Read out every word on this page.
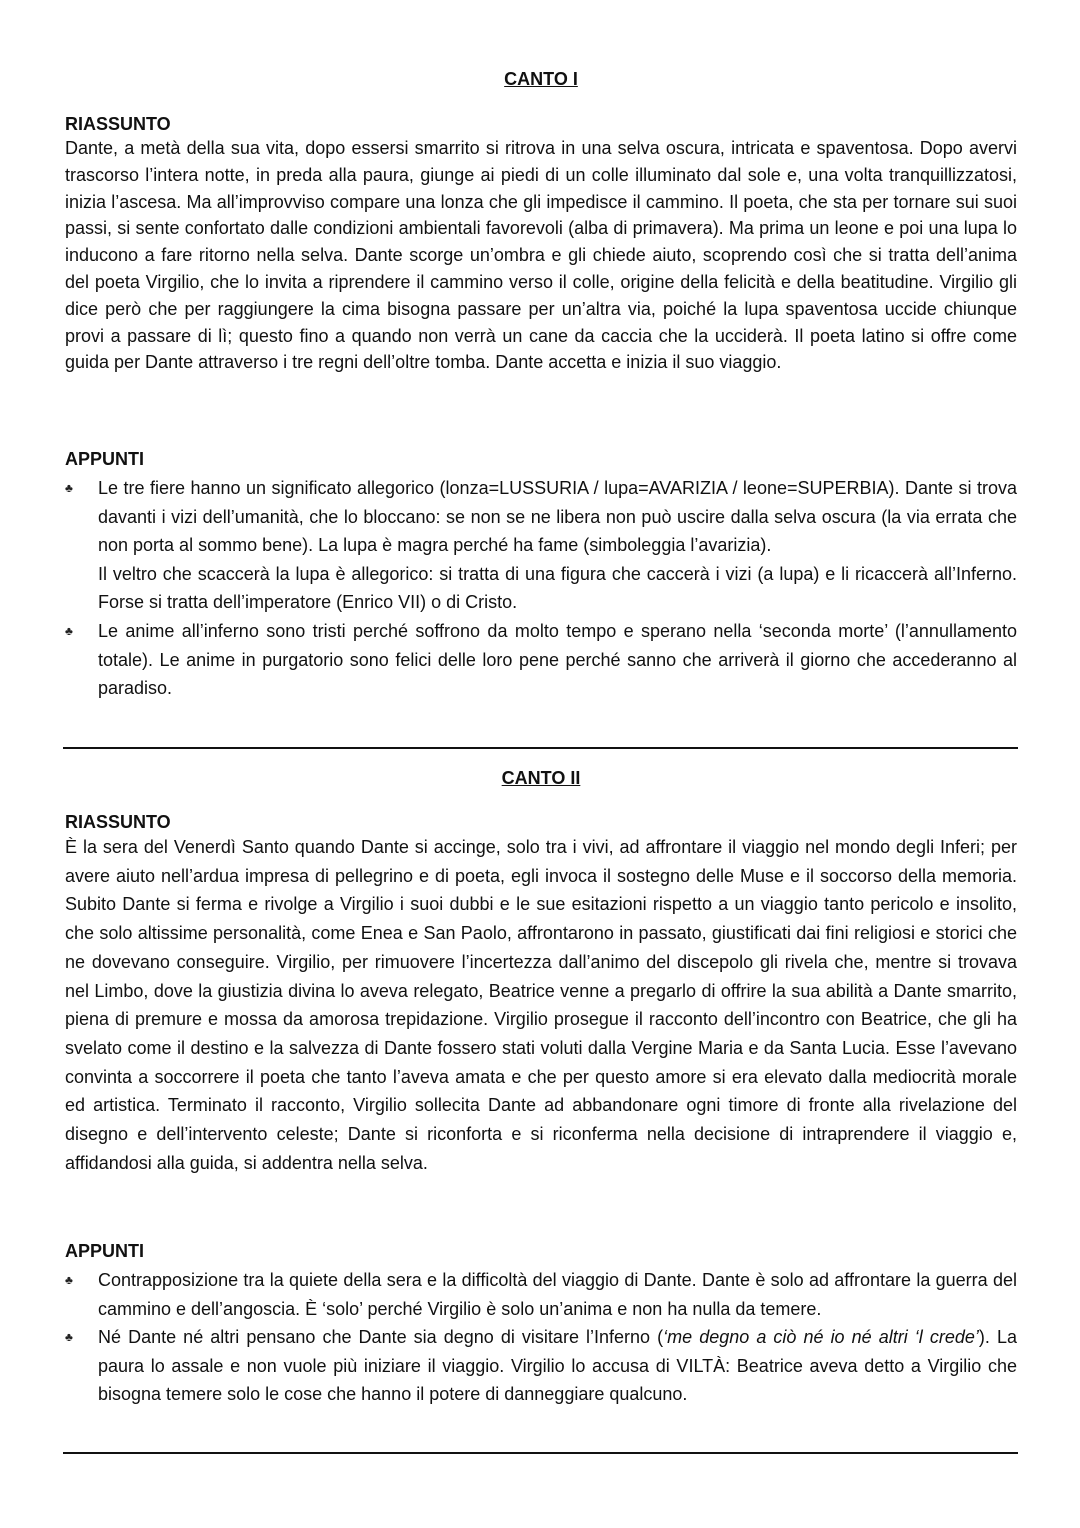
CANTO I

RIASSUNTO

Dante, a metà della sua vita, dopo essersi smarrito si ritrova in una selva oscura, intricata e spaventosa. Dopo avervi trascorso l’intera notte, in preda alla paura, giunge ai piedi di un colle illuminato dal sole e, una volta tranquillizzatosi, inizia l’ascesa. Ma all’improvviso compare una lonza che gli impedisce il cammino. Il poeta, che sta per tornare sui suoi passi, si sente confortato dalle condizioni ambientali favorevoli (alba di primavera). Ma prima un leone e poi una lupa lo inducono a fare ritorno nella selva. Dante scorge un’ombra e gli chiede aiuto, scoprendo così che si tratta dell’anima del poeta Virgilio, che lo invita a riprendere il cammino verso il colle, origine della felicità e della beatitudine. Virgilio gli dice però che per raggiungere la cima bisogna passare per un’altra via, poiché la lupa spaventosa uccide chiunque provi a passare di lì; questo fino a quando non verrà un cane da caccia che la ucciderà. Il poeta latino si offre come guida per Dante attraverso i tre regni dell’oltre tomba. Dante accetta e inizia il suo viaggio.

APPUNTI

♣	Le tre fiere hanno un significato allegorico (lonza=LUSSURIA / lupa=AVARIZIA / leone=SUPERBIA). Dante si trova davanti i vizi dell’umanità, che lo bloccano: se non se ne libera non può uscire dalla selva oscura (la via errata che non porta al sommo bene). La lupa è magra perché ha fame (simboleggia l’avarizia).
Il veltro che scaccerà la lupa è allegorico: si tratta di una figura che caccerà i vizi (a lupa) e li ricaccerà all’Inferno. Forse si tratta dell’imperatore (Enrico VII) o di Cristo.
♣	Le anime all’inferno sono tristi perché soffrono da molto tempo e sperano nella ‘seconda morte’ (l’annullamento totale). Le anime in purgatorio sono felici delle loro pene perché sanno che arriverà il giorno che accederanno al paradiso.

CANTO II

RIASSUNTO

È la sera del Venerdì Santo quando Dante si accinge, solo tra i vivi, ad affrontare il viaggio nel mondo degli Inferi; per avere aiuto nell’ardua impresa di pellegrino e di poeta, egli invoca il sostegno delle Muse e il soccorso della memoria. Subito Dante si ferma e rivolge a Virgilio i suoi dubbi e le sue esitazioni rispetto a un viaggio tanto pericolo e insolito, che solo altissime personalità, come Enea e San Paolo, affrontarono in passato, giustificati dai fini religiosi e storici che ne dovevano conseguire. Virgilio, per rimuovere l’incertezza dall’animo del discepolo gli rivela che, mentre si trovava nel Limbo, dove la giustizia divina lo aveva relegato, Beatrice venne a pregarlo di offrire la sua abilità a Dante smarrito, piena di premure e mossa da amorosa trepidazione. Virgilio prosegue il racconto dell’incontro con Beatrice, che gli ha svelato come il destino e la salvezza di Dante fossero stati voluti dalla Vergine Maria e da Santa Lucia. Esse l’avevano convinta a soccorrere il poeta che tanto l’aveva amata e che per questo amore si era elevato dalla mediocrità morale ed artistica. Terminato il racconto, Virgilio sollecita Dante ad abbandonare ogni timore di fronte alla rivelazione del disegno e dell’intervento celeste; Dante si riconforta e si riconferma nella decisione di intraprendere il viaggio e, affidandosi alla guida, si addentra nella selva.

APPUNTI

♣	Contrapposizione tra la quiete della sera e la difficoltà del viaggio di Dante. Dante è solo ad affrontare la guerra del cammino e dell’angoscia. È ‘solo’ perché Virgilio è solo un’anima e non ha nulla da temere.
♣	Né Dante né altri pensano che Dante sia degno di visitare l’Inferno (‘me degno a ciò né io né altri ‘l crede’). La paura lo assale e non vuole più iniziare il viaggio. Virgilio lo accusa di VILTÀ: Beatrice aveva detto a Virgilio che bisogna temere solo le cose che hanno il potere di danneggiare qualcuno.
